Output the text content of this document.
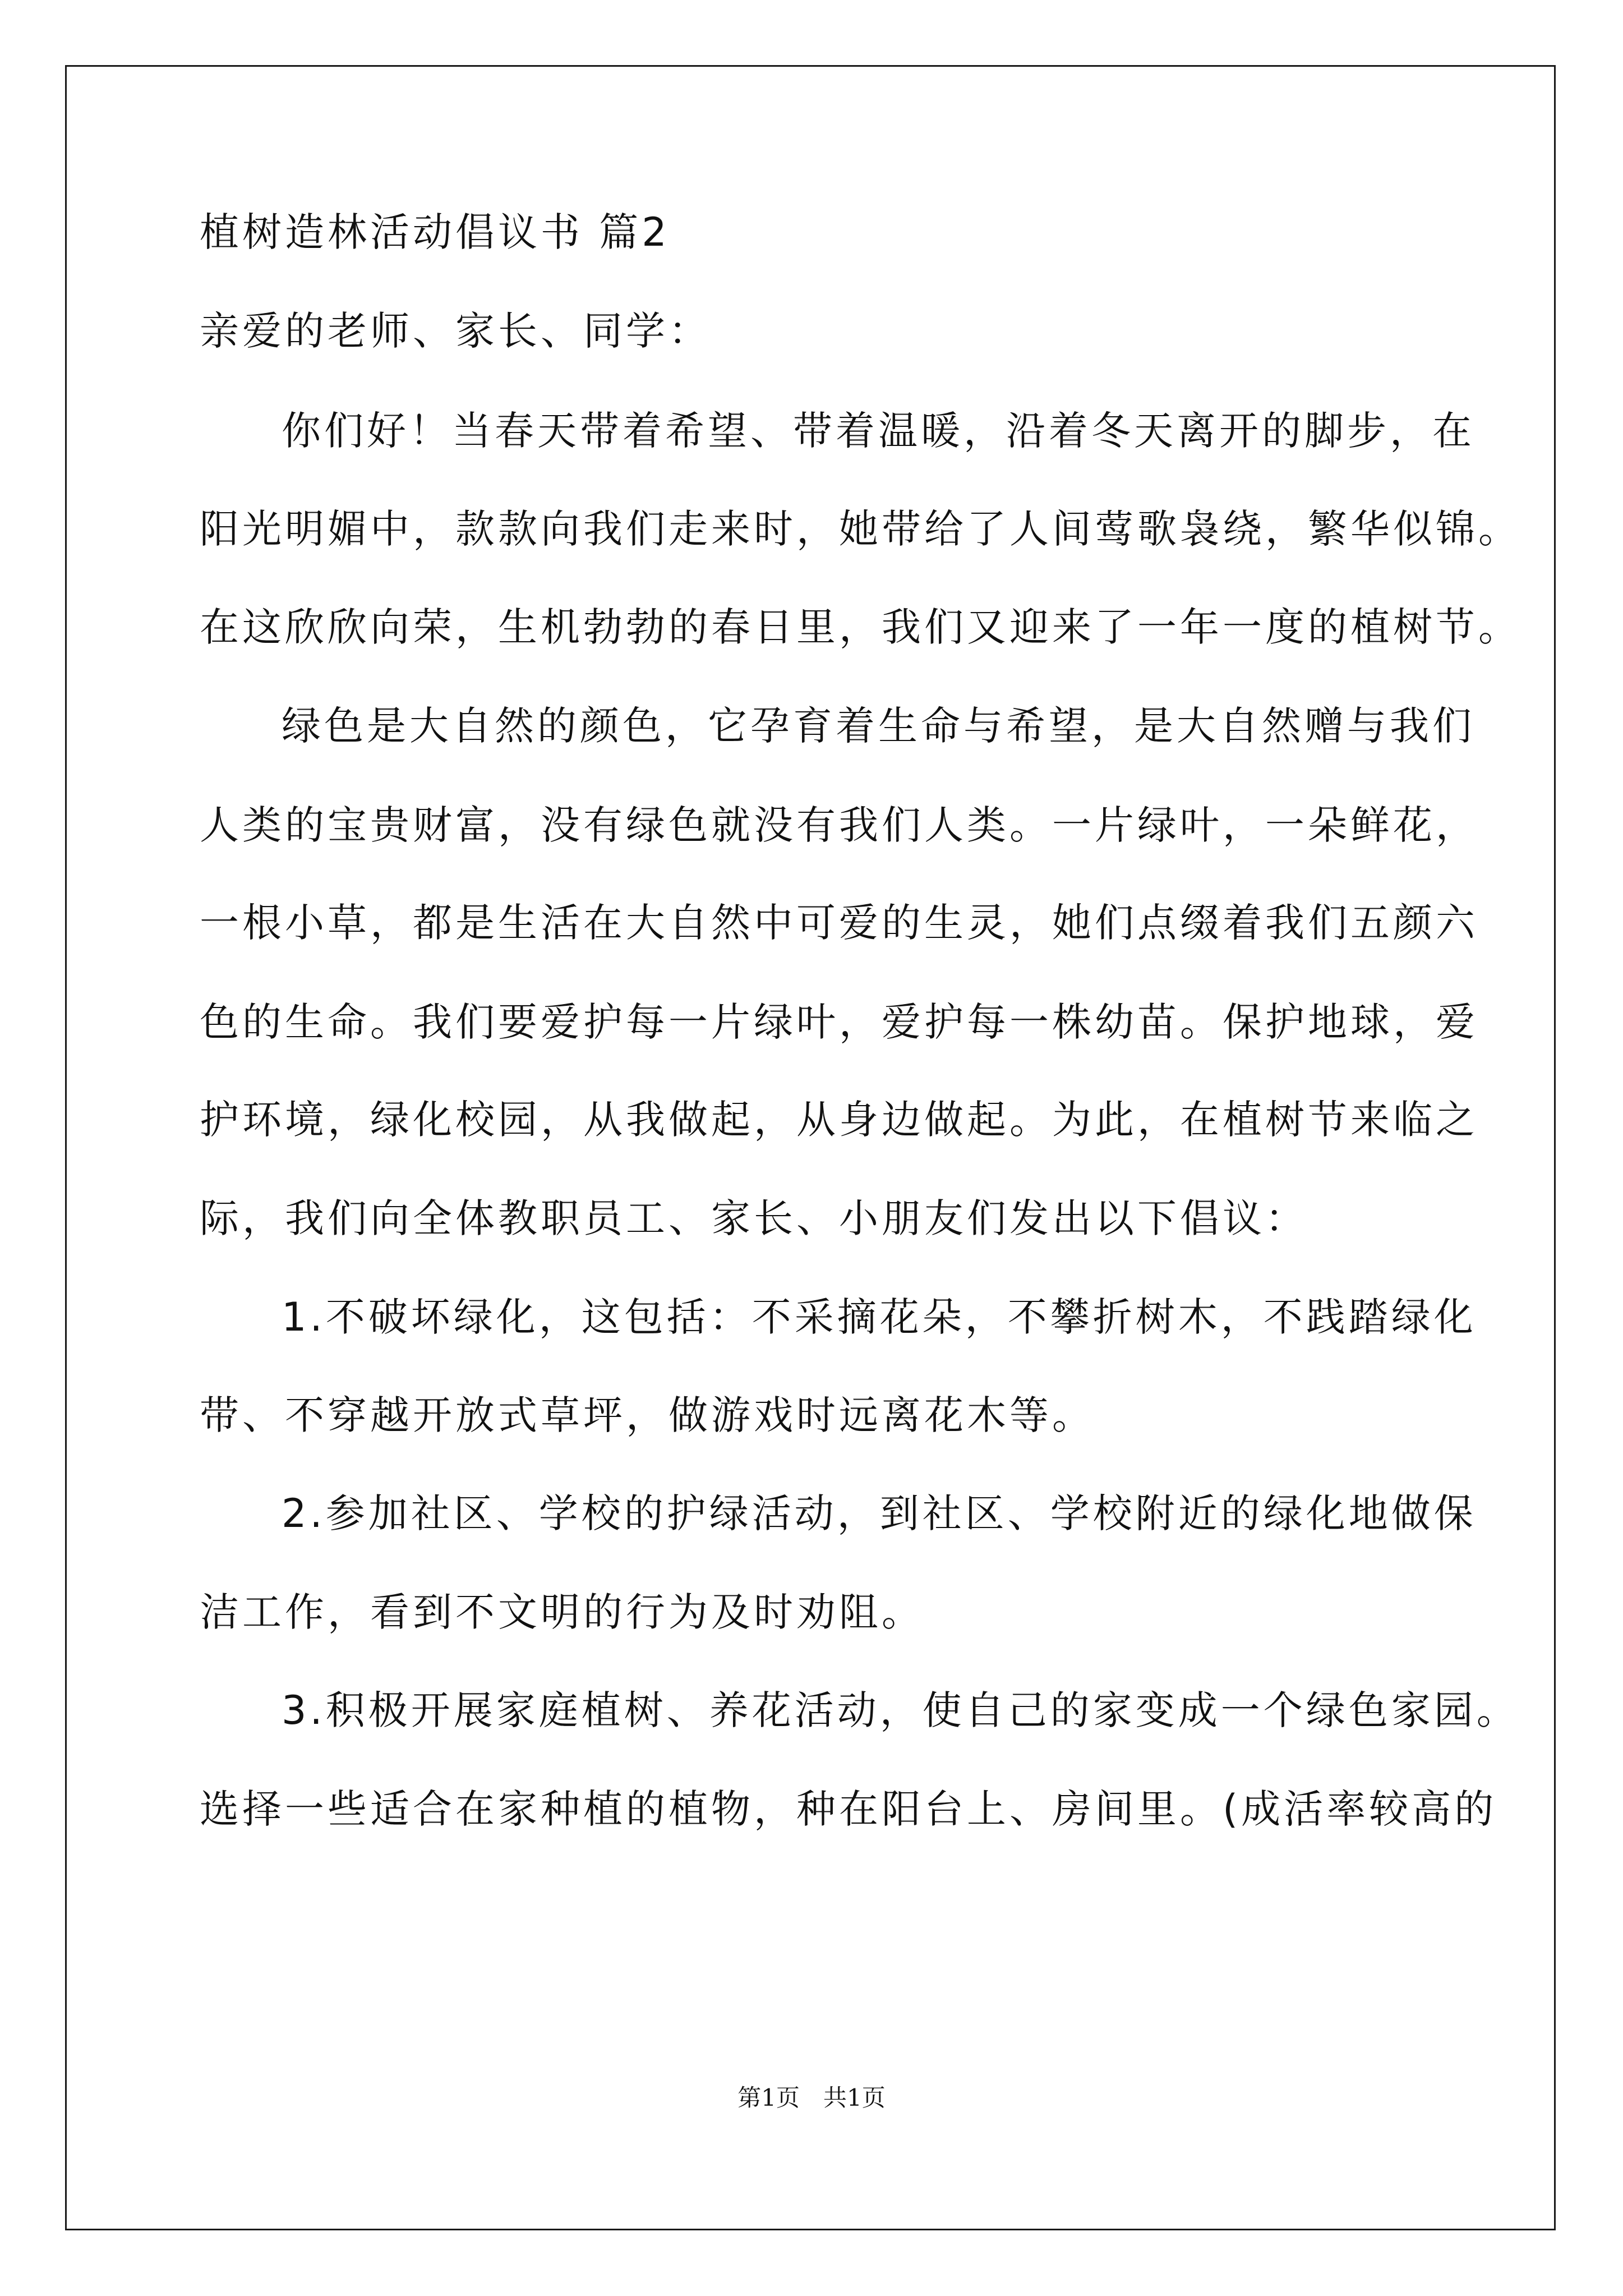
植树造林活动倡议书 篇2
亲爱的老师、家长、同学：
你们好！当春天带着希望、带着温暖，沿着冬天离开的脚步，在
阳光明媚中，款款向我们走来时，她带给了人间莺歌袅绕，繁华似锦。
在这欣欣向荣，生机勃勃的春日里，我们又迎来了一年一度的植树节。
绿色是大自然的颜色，它孕育着生命与希望，是大自然赠与我们
人类的宝贵财富，没有绿色就没有我们人类。一片绿叶，一朵鲜花，
一根小草，都是生活在大自然中可爱的生灵，她们点缀着我们五颜六
色的生命。我们要爱护每一片绿叶，爱护每一株幼苗。保护地球，爱
护环境，绿化校园，从我做起，从身边做起。为此，在植树节来临之
际，我们向全体教职员工、家长、小朋友们发出以下倡议：
1.不破坏绿化，这包括：不采摘花朵，不攀折树木，不践踏绿化
带、不穿越开放式草坪，做游戏时远离花木等。
2.参加社区、学校的护绿活动，到社区、学校附近的绿化地做保
洁工作，看到不文明的行为及时劝阻。
3.积极开展家庭植树、养花活动，使自己的家变成一个绿色家园。
选择一些适合在家种植的植物，种在阳台上、房间里。(成活率较高的
第1页　共1页
